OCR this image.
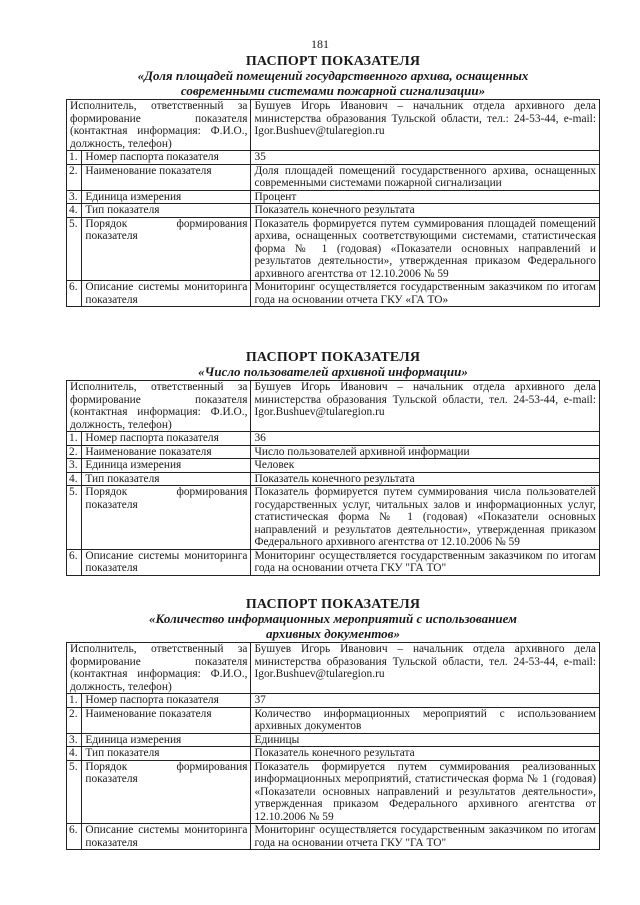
181
ПАСПОРТ ПОКАЗАТЕЛЯ
«Доля площадей помещений государственного архива, оснащенных
современными системами пожарной сигнализации»
Исполнитель, ответственный за формирование показателя (контактная информация: Ф.И.О., должность, телефон)		Бушуев Игорь Иванович – начальник отдела архивного дела министерства образования Тульской области, тел.: 24-53-44, e-mail: Igor.Bushuev@tularegion.ru
1.	Номер паспорта показателя	35
2.	Наименование показателя	Доля площадей помещений государственного архива, оснащенных современными системами пожарной сигнализации
3.	Единица измерения	Процент
4.	Тип показателя	Показатель конечного результата
5.	Порядок формирования показателя	Показатель формируется путем суммирования площадей помещений архива, оснащенных соответствующими системами, статистическая форма № 1 (годовая) «Показатели основных направлений и результатов деятельности», утвержденная приказом Федерального архивного агентства от 12.10.2006 № 59
6.	Описание системы мониторинга показателя	Мониторинг осуществляется государственным заказчиком по итогам года на основании отчета ГКУ «ГА ТО»
ПАСПОРТ ПОКАЗАТЕЛЯ
«Число пользователей архивной информации»
Исполнитель, ответственный за формирование показателя (контактная информация: Ф.И.О., должность, телефон)		Бушуев Игорь Иванович – начальник отдела архивного дела министерства образования Тульской области, тел. 24-53-44, e-mail: Igor.Bushuev@tularegion.ru
1.	Номер паспорта показателя	36
2.	Наименование показателя	Число пользователей архивной информации
3.	Единица измерения	Человек
4.	Тип показателя	Показатель конечного результата
5.	Порядок формирования показателя	Показатель формируется путем суммирования числа пользователей государственных услуг, читальных залов и информационных услуг, статистическая форма № 1 (годовая) «Показатели основных направлений и результатов деятельности», утвержденная приказом Федерального архивного агентства от 12.10.2006 № 59
6.	Описание системы мониторинга показателя	Мониторинг осуществляется государственным заказчиком по итогам года на основании отчета ГКУ "ГА ТО"
ПАСПОРТ ПОКАЗАТЕЛЯ
«Количество информационных мероприятий с использованием
архивных документов»
Исполнитель, ответственный за формирование показателя (контактная информация: Ф.И.О., должность, телефон)		Бушуев Игорь Иванович – начальник отдела архивного дела министерства образования Тульской области, тел. 24-53-44, e-mail: Igor.Bushuev@tularegion.ru
1.	Номер паспорта показателя	37
2.	Наименование показателя	Количество информационных мероприятий с использованием архивных документов
3.	Единица измерения	Единицы
4.	Тип показателя	Показатель конечного результата
5.	Порядок формирования показателя	Показатель формируется путем суммирования реализованных информационных мероприятий, статистическая форма № 1 (годовая) «Показатели основных направлений и результатов деятельности», утвержденная приказом Федерального архивного агентства от 12.10.2006 № 59
6.	Описание системы мониторинга показателя	Мониторинг осуществляется государственным заказчиком по итогам года на основании отчета ГКУ "ГА ТО"
